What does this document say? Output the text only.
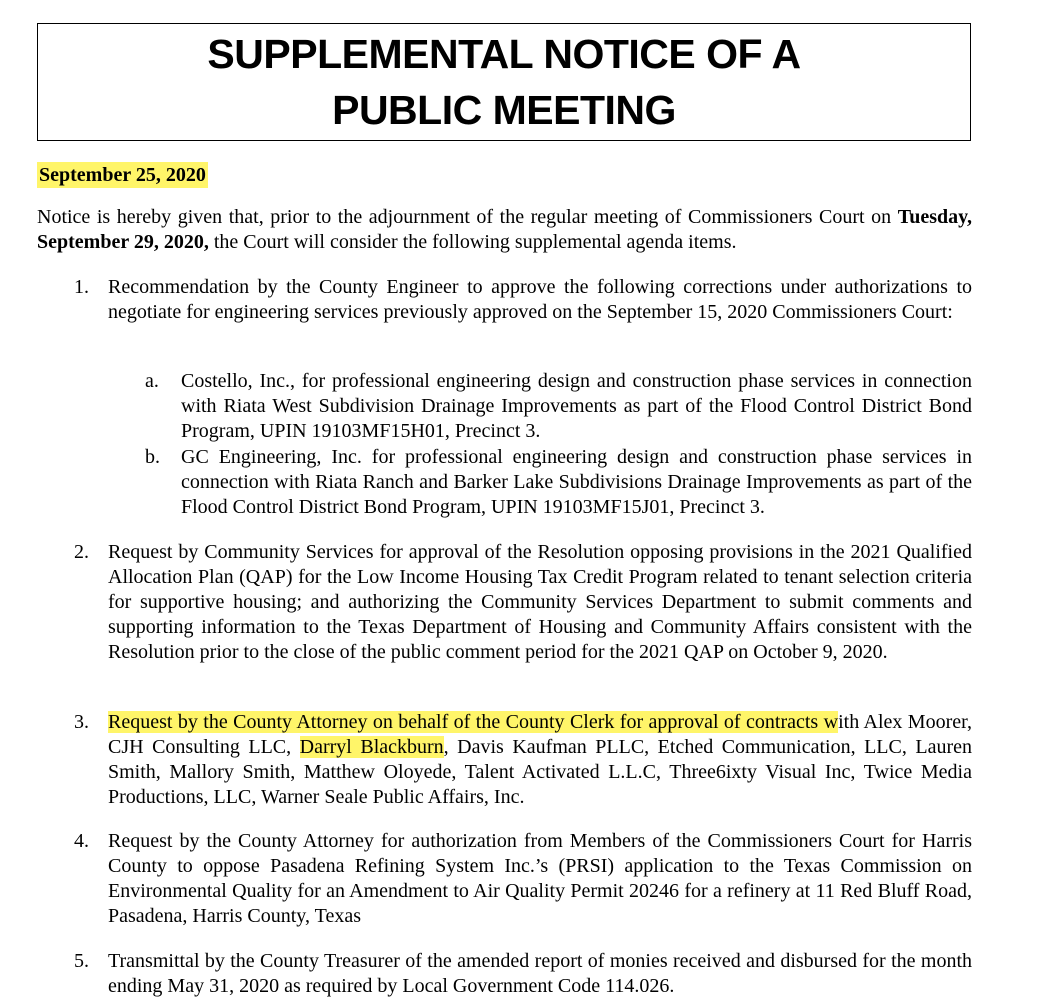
SUPPLEMENTAL NOTICE OF A
PUBLIC MEETING
September 25, 2020
Notice is hereby given that, prior to the adjournment of the regular meeting of Commissioners Court on Tuesday, September 29, 2020, the Court will consider the following supplemental agenda items.
1. Recommendation by the County Engineer to approve the following corrections under authorizations to negotiate for engineering services previously approved on the September 15, 2020 Commissioners Court:
a. Costello, Inc., for professional engineering design and construction phase services in connection with Riata West Subdivision Drainage Improvements as part of the Flood Control District Bond Program, UPIN 19103MF15H01, Precinct 3.
b. GC Engineering, Inc. for professional engineering design and construction phase services in connection with Riata Ranch and Barker Lake Subdivisions Drainage Improvements as part of the Flood Control District Bond Program, UPIN 19103MF15J01, Precinct 3.
2. Request by Community Services for approval of the Resolution opposing provisions in the 2021 Qualified Allocation Plan (QAP) for the Low Income Housing Tax Credit Program related to tenant selection criteria for supportive housing; and authorizing the Community Services Department to submit comments and supporting information to the Texas Department of Housing and Community Affairs consistent with the Resolution prior to the close of the public comment period for the 2021 QAP on October 9, 2020.
3. Request by the County Attorney on behalf of the County Clerk for approval of contracts with Alex Moorer, CJH Consulting LLC, Darryl Blackburn, Davis Kaufman PLLC, Etched Communication, LLC, Lauren Smith, Mallory Smith, Matthew Oloyede, Talent Activated L.L.C, Three6ixty Visual Inc, Twice Media Productions, LLC, Warner Seale Public Affairs, Inc.
4. Request by the County Attorney for authorization from Members of the Commissioners Court for Harris County to oppose Pasadena Refining System Inc.’s (PRSI) application to the Texas Commission on Environmental Quality for an Amendment to Air Quality Permit 20246 for a refinery at 11 Red Bluff Road, Pasadena, Harris County, Texas
5. Transmittal by the County Treasurer of the amended report of monies received and disbursed for the month ending May 31, 2020 as required by Local Government Code 114.026.
